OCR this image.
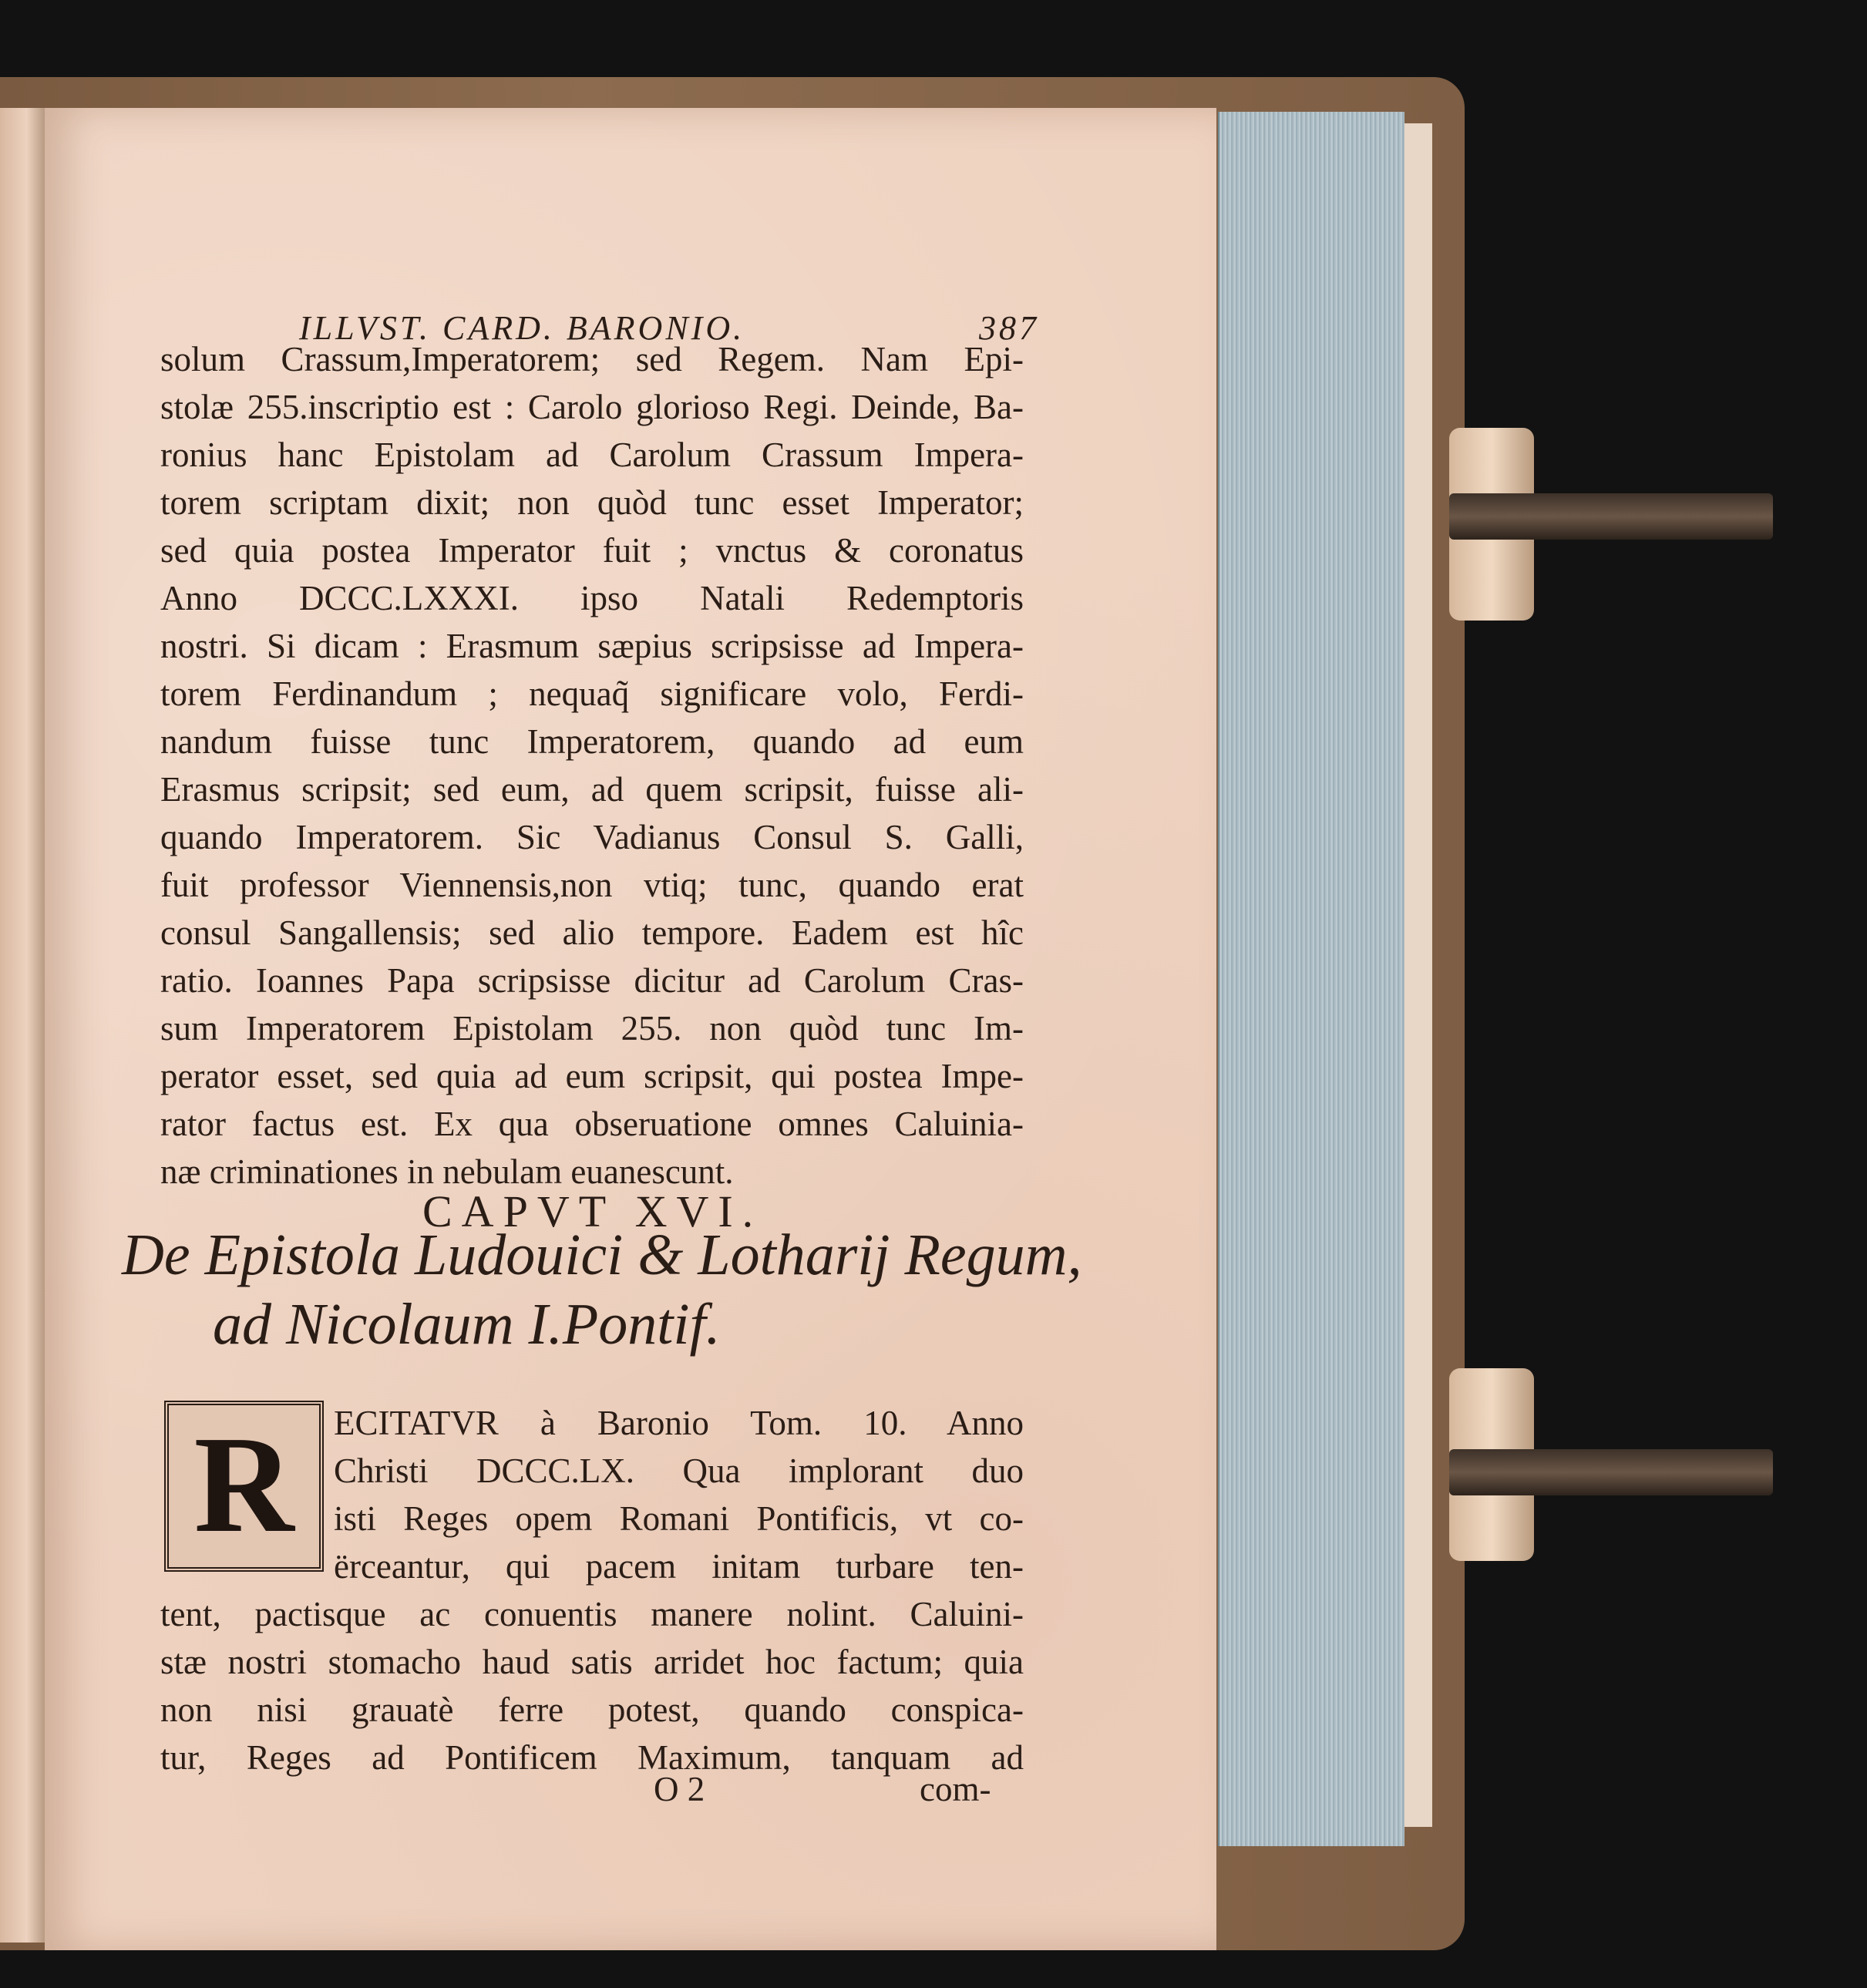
ILLVST. CARD. BARONIO.	387
solum Crassum,Imperatorem; sed Regem. Nam Epi-
stolæ 255.inscriptio est : Carolo glorioso Regi. Deinde, Ba-
ronius hanc Epistolam ad Carolum Crassum Impera-
torem scriptam dixit; non quòd tunc esset Imperator;
sed quia postea Imperator fuit ; vnctus & coronatus
Anno DCCC.LXXXI. ipso Natali Redemptoris
nostri. Si dicam : Erasmum sæpius scripsisse ad Impera-
torem Ferdinandum ; nequaq̃ significare volo, Ferdi-
nandum fuisse tunc Imperatorem, quando ad eum
Erasmus scripsit; sed eum, ad quem scripsit, fuisse ali-
quando Imperatorem. Sic Vadianus Consul S. Galli,
fuit professor Viennensis,non vtiq; tunc, quando erat
consul Sangallensis; sed alio tempore. Eadem est hîc
ratio. Ioannes Papa scripsisse dicitur ad Carolum Cras-
sum Imperatorem Epistolam 255. non quòd tunc Im-
perator esset, sed quia ad eum scripsit, qui postea Impe-
rator factus est. Ex qua obseruatione omnes Caluinia-
næ criminationes in nebulam euanescunt.
CAPVT XVI.
De Epistola Ludouici & Lotharij Regum,
ad Nicolaum I.Pontif.
R	ECITATVR à Baronio Tom. 10. Anno
Christi DCCC.LX. Qua implorant duo
isti Reges opem Romani Pontificis, vt co-
ërceantur, qui pacem initam turbare ten-
tent, pactisque ac conuentis manere nolint. Caluini-
stæ nostri stomacho haud satis arridet hoc factum; quia
non nisi grauatè ferre potest, quando conspica-
tur, Reges ad Pontificem Maximum, tanquam ad
O 2	com-
